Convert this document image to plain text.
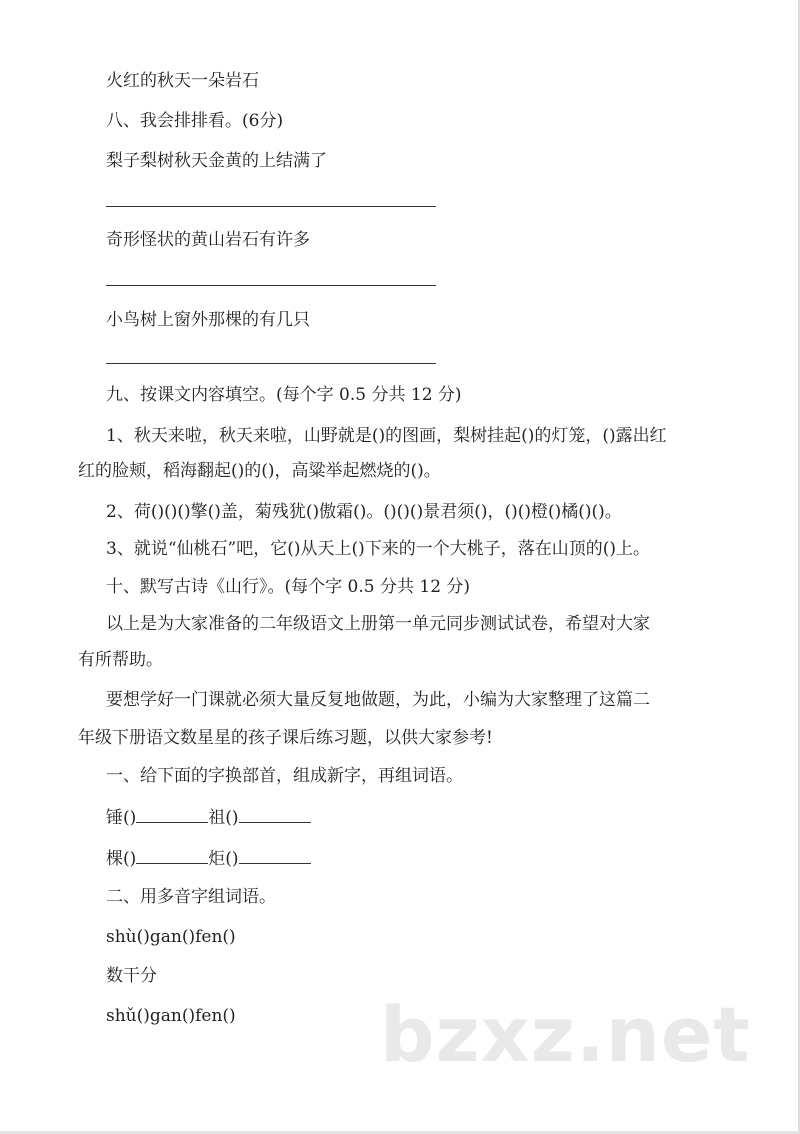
火红的秋天一朵岩石
八、我会排排看。(6分)
梨子梨树秋天金黄的上结满了
奇形怪状的黄山岩石有许多
小鸟树上窗外那棵的有几只
九、按课文内容填空。(每个字 0.5 分共 12 分)
1、秋天来啦，秋天来啦，山野就是()的图画，梨树挂起()的灯笼，()露出红
红的脸颊，稻海翻起()的()，高粱举起燃烧的()。
2、荷()()()擎()盖，菊残犹()傲霜()。()()()景君须()，()()橙()橘()()。
3、就说“仙桃石”吧，它()从天上()下来的一个大桃子，落在山顶的()上。
十、默写古诗《山行》。(每个字 0.5 分共 12 分)
以上是为大家准备的二年级语文上册第一单元同步测试试卷，希望对大家
有所帮助。
要想学好一门课就必须大量反复地做题，为此，小编为大家整理了这篇二
年级下册语文数星星的孩子课后练习题，以供大家参考!
一、给下面的字换部首，组成新字，再组词语。
锤()	祖()
棵()	炬()
二、用多音字组词语。
shù()gan()fen()
数干分
shǔ()gan()fen() bzxz.net
